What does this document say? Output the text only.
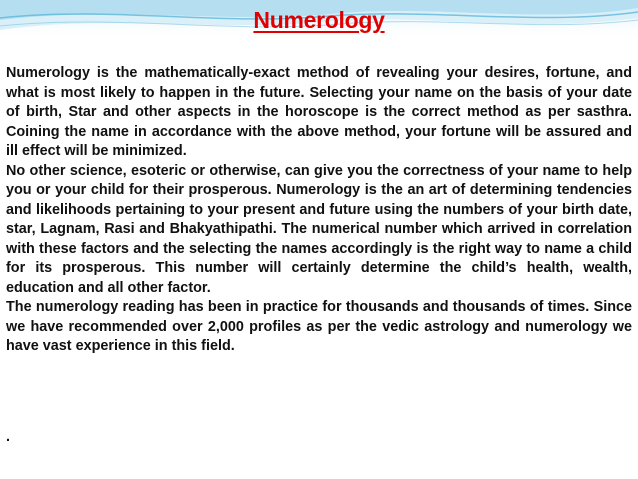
Numerology

Numerology is the mathematically-exact method of revealing your desires, fortune, and what is most likely to happen in the future. Selecting your name on the basis of your date of birth, Star and other aspects in the horoscope is the correct method as per sasthra. Coining the name in accordance with the above method, your fortune will be assured and ill effect will be minimized.

No other science, esoteric or otherwise, can give you the correctness of your name to help you or your child for their prosperous. Numerology is the an art of determining tendencies and likelihoods pertaining to your present and future using the numbers of your birth date, star, Lagnam, Rasi and Bhakyathipathi. The numerical number which arrived in correlation with these factors and the selecting the names accordingly is the right way to name a child for its prosperous. This number will certainly determine the child’s health, wealth, education and all other factor.

The numerology reading has been in practice for thousands and thousands of times. Since we have recommended over 2,000 profiles as per the vedic astrology and numerology we have vast experience in this field.

.
